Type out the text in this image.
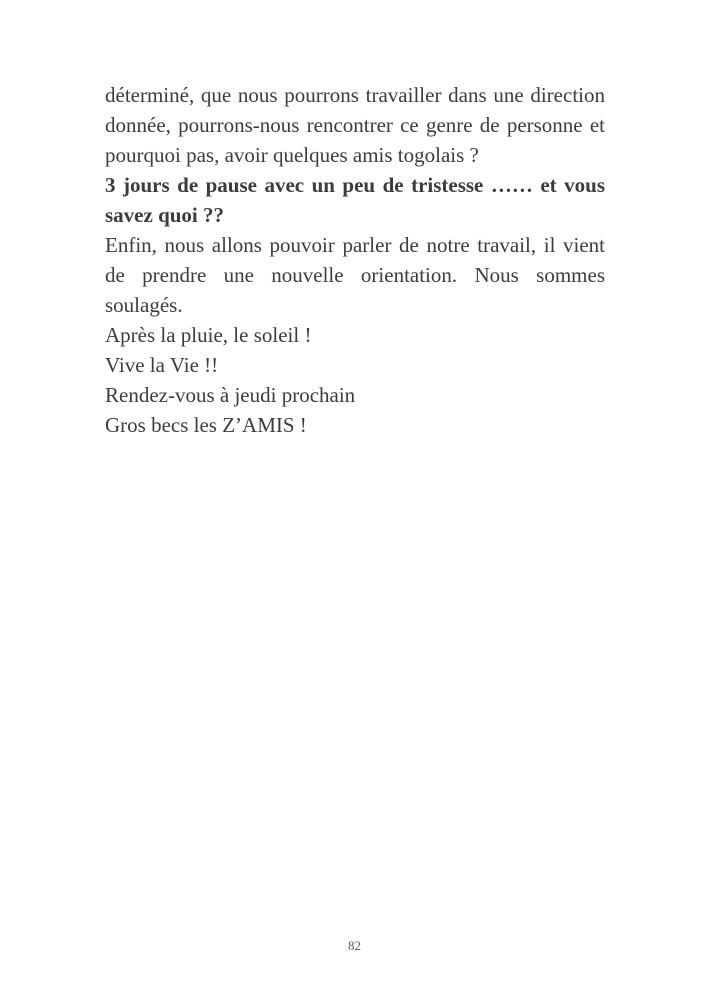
déterminé, que nous pourrons travailler dans une direction donnée, pourrons-nous rencontrer ce genre de personne et pourquoi pas, avoir quelques amis togolais ?

3 jours de pause avec un peu de tristesse …… et vous savez quoi ??

Enfin, nous allons pouvoir parler de notre travail, il vient de prendre une nouvelle orientation. Nous sommes soulagés.

Après la pluie, le soleil !

Vive la Vie !!

Rendez-vous à jeudi prochain

Gros becs les Z’AMIS !

82
